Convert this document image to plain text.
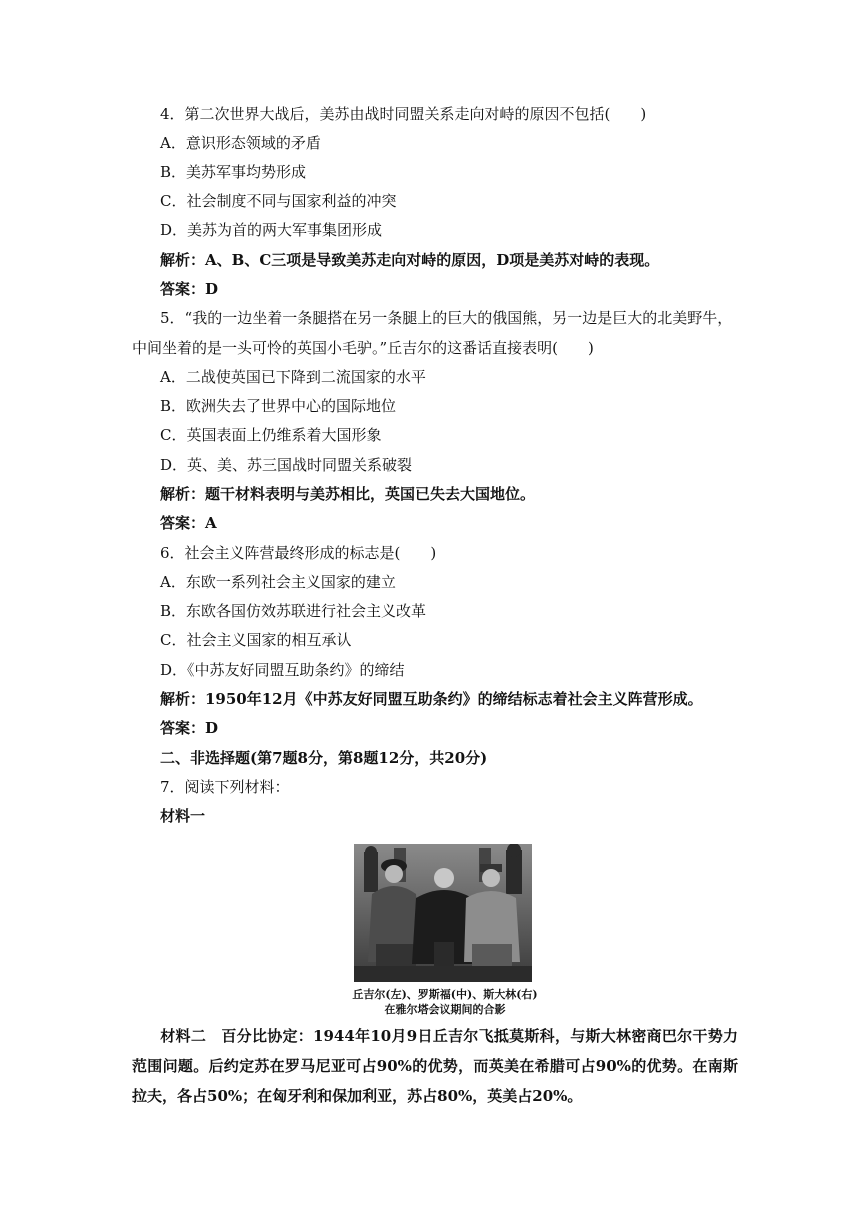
4．第二次世界大战后，美苏由战时同盟关系走向对峙的原因不包括(　　)
A．意识形态领域的矛盾
B．美苏军事均势形成
C．社会制度不同与国家利益的冲突
D．美苏为首的两大军事集团形成
解析：A、B、C三项是导致美苏走向对峙的原因，D项是美苏对峙的表现。
答案：D
5．“我的一边坐着一条腿搭在另一条腿上的巨大的俄国熊，另一边是巨大的北美野牛，
中间坐着的是一头可怜的英国小毛驴。”丘吉尔的这番话直接表明(　　)
A．二战使英国已下降到二流国家的水平
B．欧洲失去了世界中心的国际地位
C．英国表面上仍维系着大国形象
D．英、美、苏三国战时同盟关系破裂
解析：题干材料表明与美苏相比，英国已失去大国地位。
答案：A
6．社会主义阵营最终形成的标志是(　　)
A．东欧一系列社会主义国家的建立
B．东欧各国仿效苏联进行社会主义改革
C．社会主义国家的相互承认
D．《中苏友好同盟互助条约》的缔结
解析：1950年12月《中苏友好同盟互助条约》的缔结标志着社会主义阵营形成。
答案：D
二、非选择题(第7题8分，第8题12分，共20分)
7．阅读下列材料：
材料一
丘吉尔(左)、罗斯福(中)、斯大林(右)
在雅尔塔会议期间的合影
材料二　 百分比协定：1944年10月9日丘吉尔飞抵莫斯科，与斯大林密商巴尔干势力范围问题。后约定苏在罗马尼亚可占90%的优势，而英美在希腊可占90%的优势。在南斯拉夫，各占50%；在匈牙利和保加利亚，苏占80%，英美占20%。
